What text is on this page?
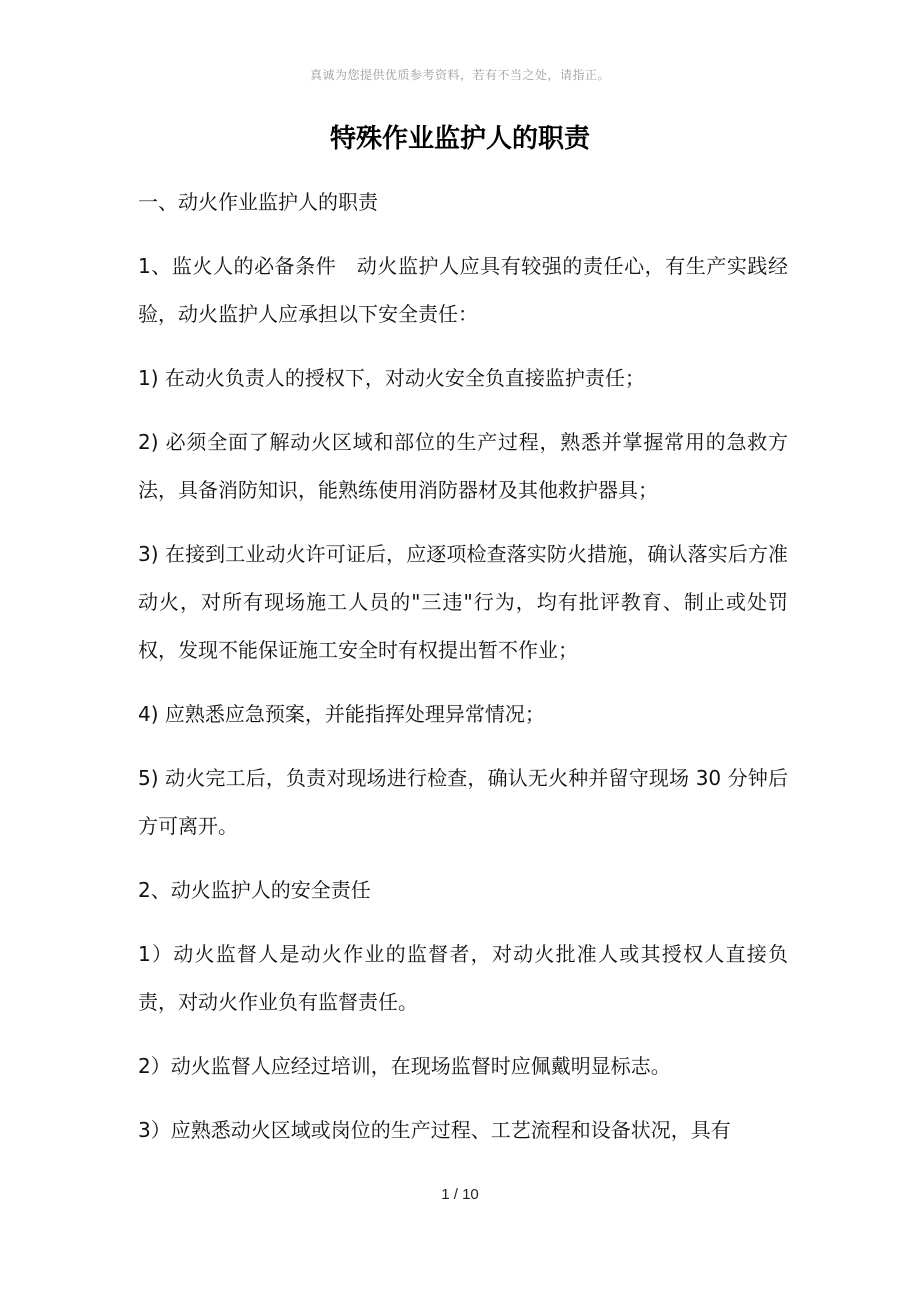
真诚为您提供优质参考资料，若有不当之处，请指正。
特殊作业监护人的职责

一、动火作业监护人的职责

1、监火人的必备条件　动火监护人应具有较强的责任心，有生产实践经验，动火监护人应承担以下安全责任：

1) 在动火负责人的授权下，对动火安全负直接监护责任；

2) 必须全面了解动火区域和部位的生产过程，熟悉并掌握常用的急救方法，具备消防知识，能熟练使用消防器材及其他救护器具；

3) 在接到工业动火许可证后，应逐项检查落实防火措施，确认落实后方准动火，对所有现场施工人员的"三违"行为，均有批评教育、制止或处罚权，发现不能保证施工安全时有权提出暂不作业；

4) 应熟悉应急预案，并能指挥处理异常情况；

5) 动火完工后，负责对现场进行检查，确认无火种并留守现场 30 分钟后方可离开。

2、动火监护人的安全责任

1）动火监督人是动火作业的监督者，对动火批准人或其授权人直接负责，对动火作业负有监督责任。

2）动火监督人应经过培训，在现场监督时应佩戴明显标志。

3）应熟悉动火区域或岗位的生产过程、工艺流程和设备状况，具有

1 / 10
